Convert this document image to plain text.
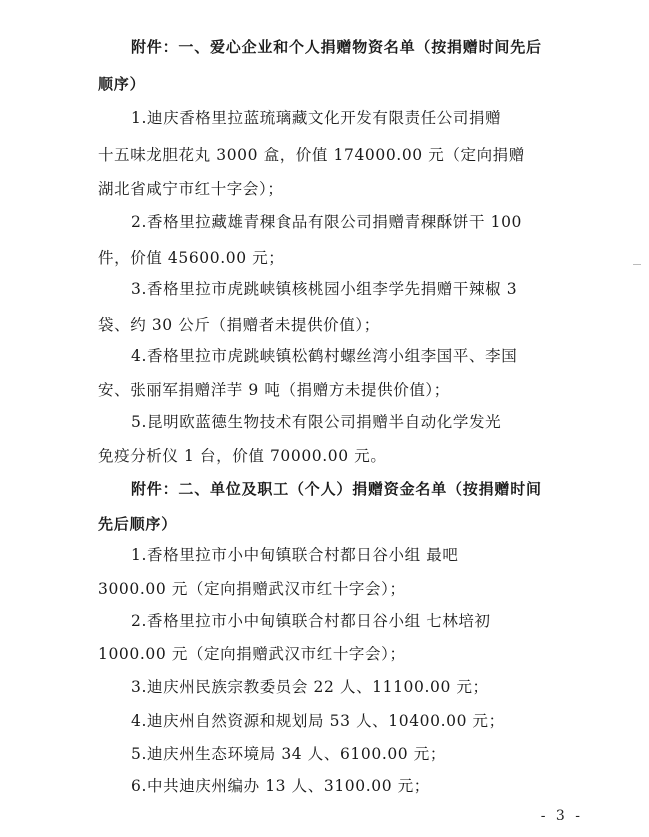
附件：一、爱心企业和个人捐赠物资名单（按捐赠时间先后
顺序）
1.迪庆香格里拉蓝琉璃藏文化开发有限责任公司捐赠
十五味龙胆花丸 3000 盒，价值 174000.00 元（定向捐赠
湖北省咸宁市红十字会）；
2.香格里拉藏雄青稞食品有限公司捐赠青稞酥饼干 100
件，价值 45600.00 元；
3.香格里拉市虎跳峡镇核桃园小组李学先捐赠干辣椒 3
袋、约 30 公斤（捐赠者未提供价值）；
4.香格里拉市虎跳峡镇松鹤村螺丝湾小组李国平、李国
安、张丽军捐赠洋芋 9 吨（捐赠方未提供价值）；
5.昆明欧蓝德生物技术有限公司捐赠半自动化学发光
免疫分析仪 1 台，价值 70000.00 元。
附件：二、单位及职工（个人）捐赠资金名单（按捐赠时间
先后顺序）
1.香格里拉市小中甸镇联合村都日谷小组 最吧
3000.00 元（定向捐赠武汉市红十字会）；
2.香格里拉市小中甸镇联合村都日谷小组 七林培初
1000.00 元（定向捐赠武汉市红十字会）；
3.迪庆州民族宗教委员会 22 人、11100.00 元；
4.迪庆州自然资源和规划局 53 人、10400.00 元；
5.迪庆州生态环境局 34 人、6100.00 元；
6.中共迪庆州编办 13 人、3100.00 元；
- 3 -
